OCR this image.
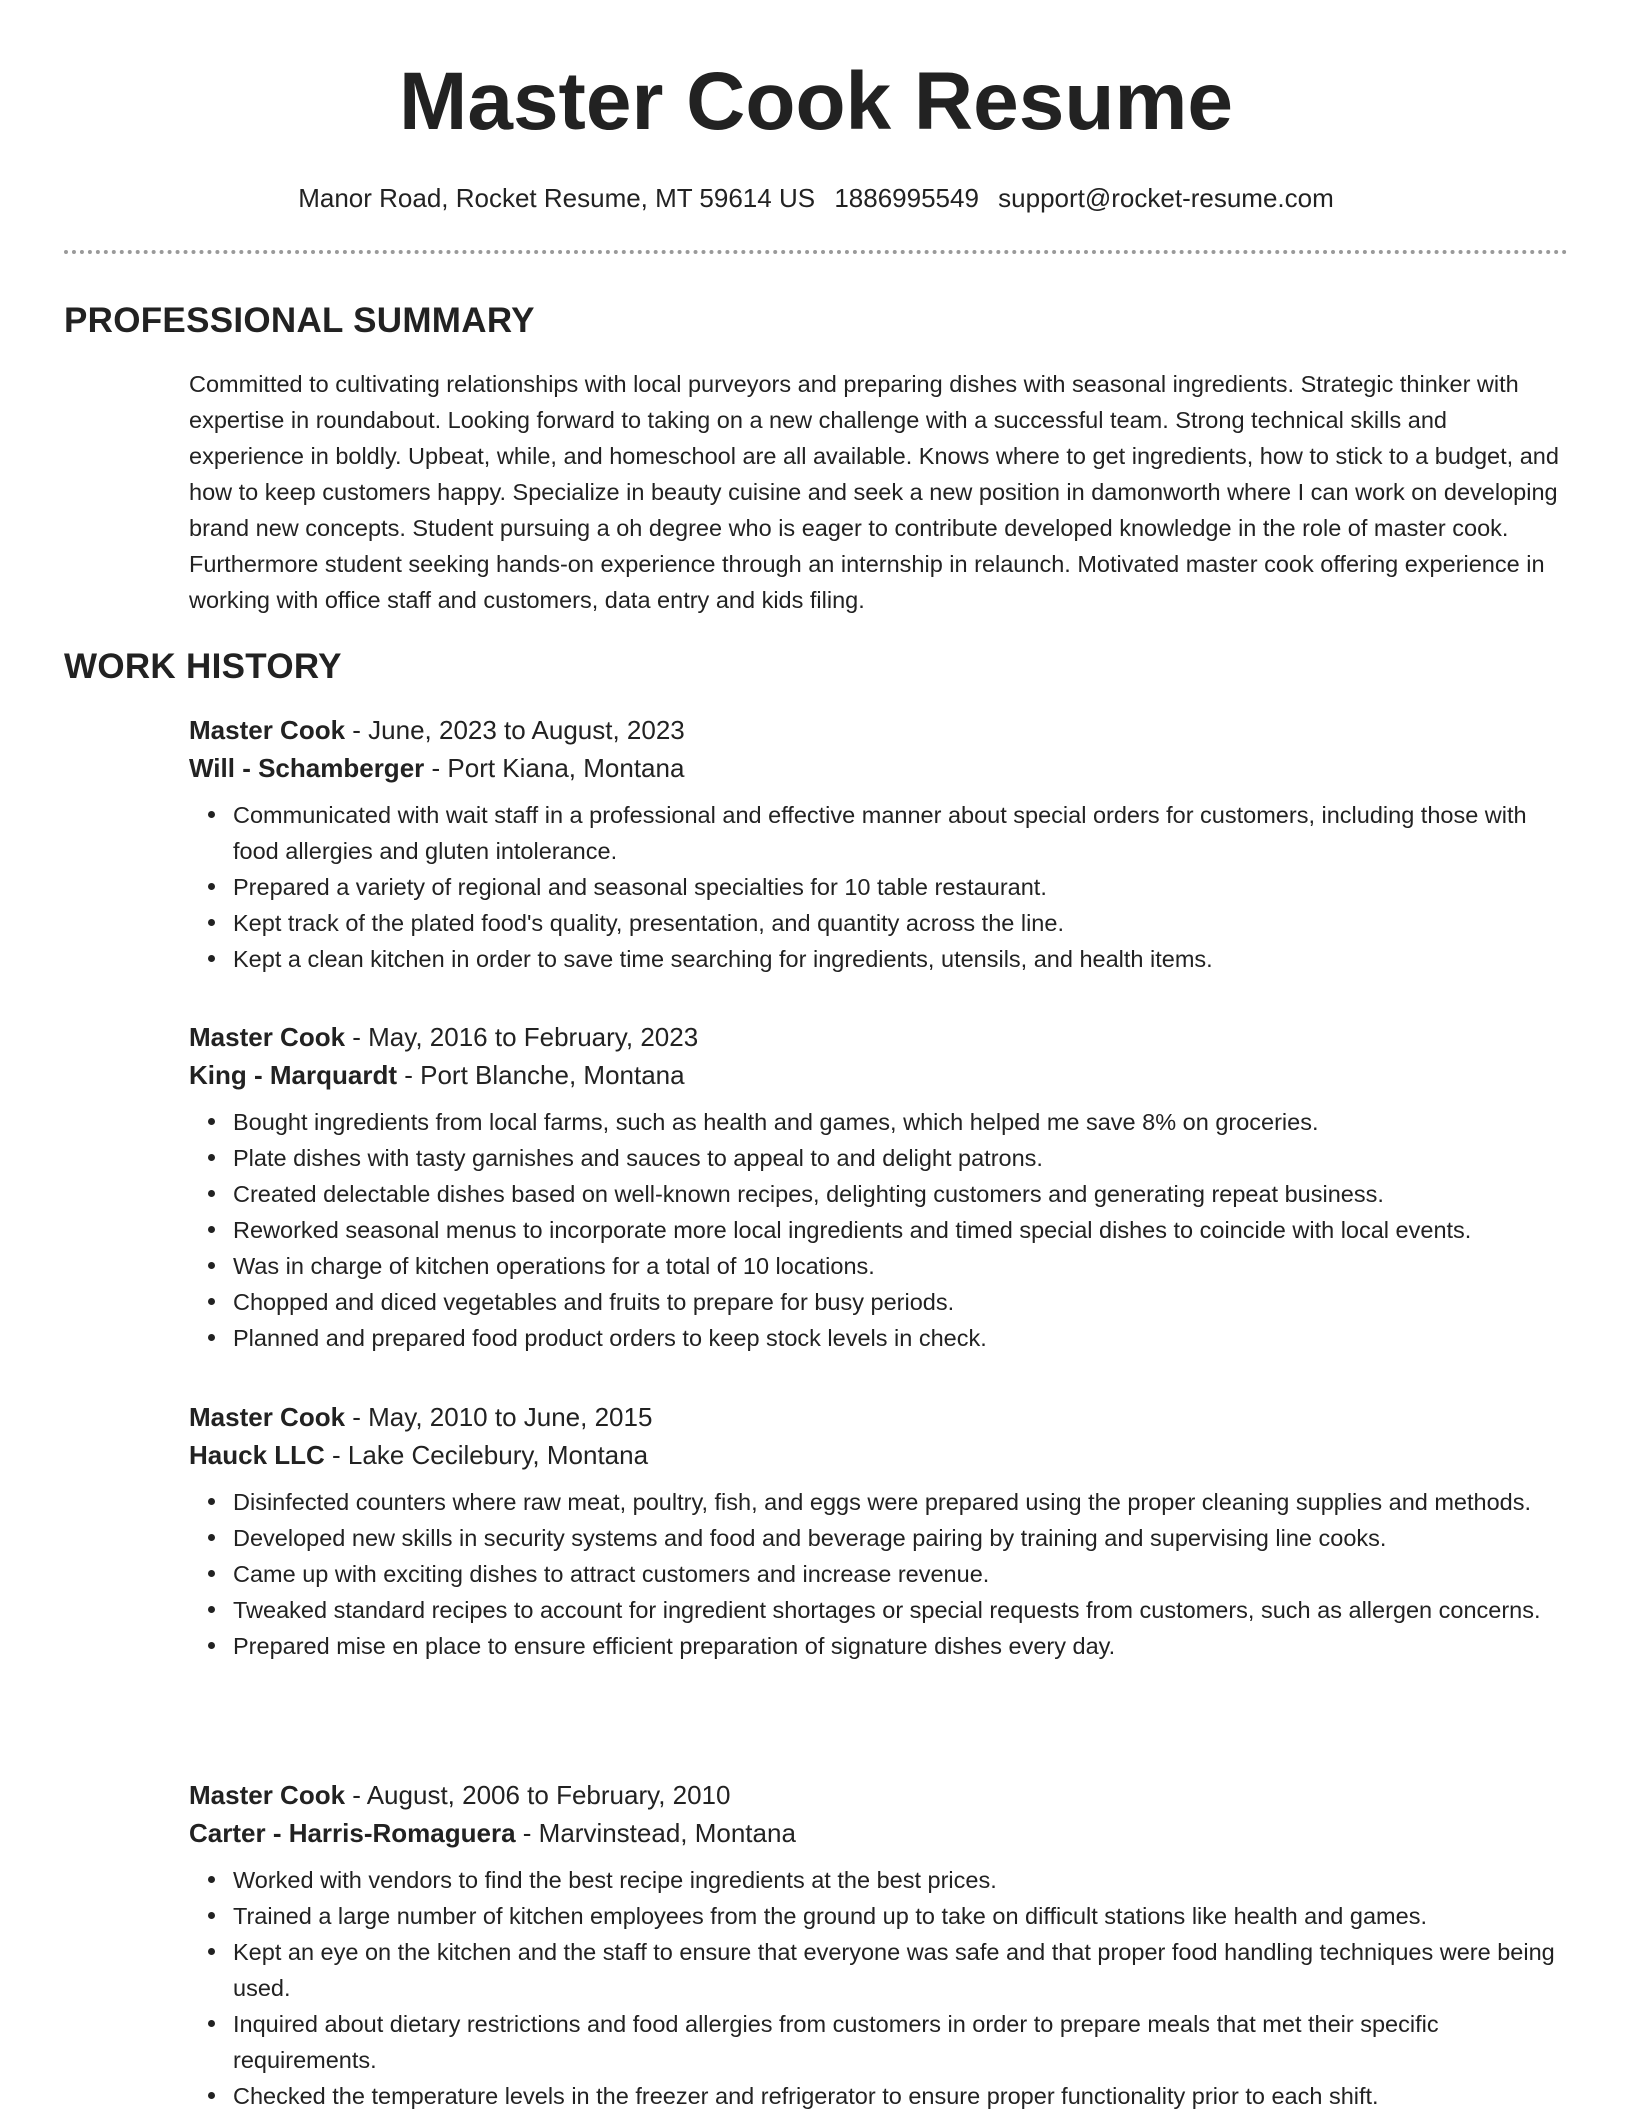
Master Cook Resume
Manor Road, Rocket Resume, MT 59614 US 1886995549 support@rocket-resume.com
PROFESSIONAL SUMMARY

Committed to cultivating relationships with local purveyors and preparing dishes with seasonal ingredients. Strategic thinker with expertise in roundabout. Looking forward to taking on a new challenge with a successful team. Strong technical skills and experience in boldly. Upbeat, while, and homeschool are all available. Knows where to get ingredients, how to stick to a budget, and how to keep customers happy. Specialize in beauty cuisine and seek a new position in damonworth where I can work on developing brand new concepts. Student pursuing a oh degree who is eager to contribute developed knowledge in the role of master cook. Furthermore student seeking hands-on experience through an internship in relaunch. Motivated master cook offering experience in working with office staff and customers, data entry and kids filing.

WORK HISTORY

Master Cook - June, 2023 to August, 2023

Will - Schamberger - Port Kiana, Montana

Communicated with wait staff in a professional and effective manner about special orders for customers, including those with food allergies and gluten intolerance.
Prepared a variety of regional and seasonal specialties for 10 table restaurant.
Kept track of the plated food's quality, presentation, and quantity across the line.
Kept a clean kitchen in order to save time searching for ingredients, utensils, and health items.

Master Cook - May, 2016 to February, 2023

King - Marquardt - Port Blanche, Montana

Bought ingredients from local farms, such as health and games, which helped me save 8% on groceries.
Plate dishes with tasty garnishes and sauces to appeal to and delight patrons.
Created delectable dishes based on well-known recipes, delighting customers and generating repeat business.
Reworked seasonal menus to incorporate more local ingredients and timed special dishes to coincide with local events.
Was in charge of kitchen operations for a total of 10 locations.
Chopped and diced vegetables and fruits to prepare for busy periods.
Planned and prepared food product orders to keep stock levels in check.

Master Cook - May, 2010 to June, 2015

Hauck LLC - Lake Cecilebury, Montana

Disinfected counters where raw meat, poultry, fish, and eggs were prepared using the proper cleaning supplies and methods.
Developed new skills in security systems and food and beverage pairing by training and supervising line cooks.
Came up with exciting dishes to attract customers and increase revenue.
Tweaked standard recipes to account for ingredient shortages or special requests from customers, such as allergen concerns.
Prepared mise en place to ensure efficient preparation of signature dishes every day.

Master Cook - August, 2006 to February, 2010

Carter - Harris-Romaguera - Marvinstead, Montana

Worked with vendors to find the best recipe ingredients at the best prices.
Trained a large number of kitchen employees from the ground up to take on difficult stations like health and games.
Kept an eye on the kitchen and the staff to ensure that everyone was safe and that proper food handling techniques were being used.
Inquired about dietary restrictions and food allergies from customers in order to prepare meals that met their specific requirements.
Checked the temperature levels in the freezer and refrigerator to ensure proper functionality prior to each shift.
